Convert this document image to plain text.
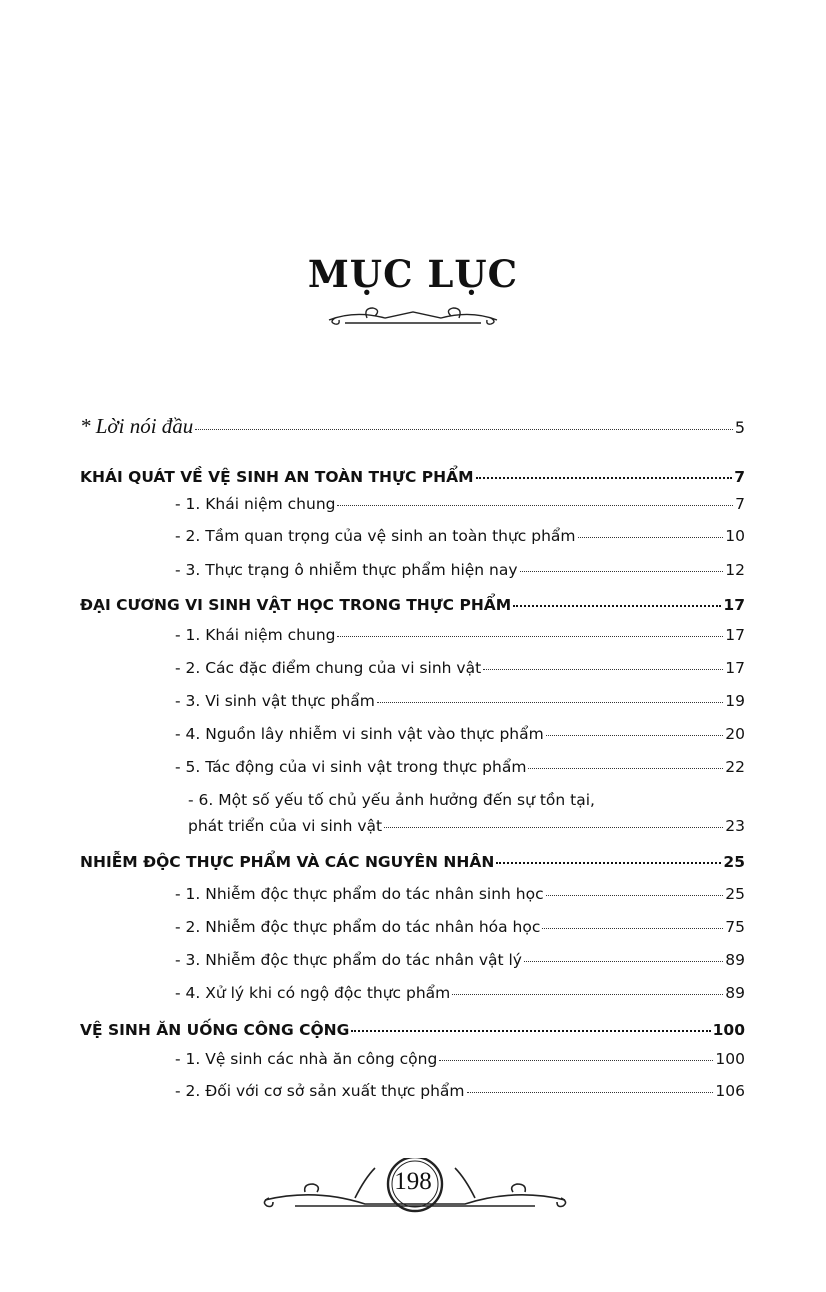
MỤC LỤC
* Lời nói đầu	5
KHÁI QUÁT VỀ VỆ SINH AN TOÀN THỰC PHẨM	7
- 1. Khái niệm chung	7
- 2. Tầm quan trọng của vệ sinh an toàn thực phẩm	10
- 3. Thực trạng ô nhiễm thực phẩm hiện nay	12
ĐẠI CƯƠNG VI SINH VẬT HỌC TRONG THỰC PHẨM	17
- 1. Khái niệm chung	17
- 2. Các đặc điểm chung của vi sinh vật	17
- 3. Vi sinh vật thực phẩm	19
- 4. Nguồn lây nhiễm vi sinh vật vào thực phẩm	20
- 5. Tác động của vi sinh vật trong thực phẩm	22
- 6. Một số yếu tố chủ yếu ảnh hưởng đến sự tồn tại,
phát triển của vi sinh vật	23
NHIỄM ĐỘC THỰC PHẨM VÀ CÁC NGUYÊN NHÂN	25
- 1. Nhiễm độc thực phẩm do tác nhân sinh học	25
- 2. Nhiễm độc thực phẩm do tác nhân hóa học	75
- 3. Nhiễm độc thực phẩm do tác nhân vật lý	89
- 4. Xử lý khi có ngộ độc thực phẩm	89
VỆ SINH ĂN UỐNG CÔNG CỘNG	100
- 1. Vệ sinh các nhà ăn công cộng	100
- 2. Đối với cơ sở sản xuất thực phẩm	106
198
